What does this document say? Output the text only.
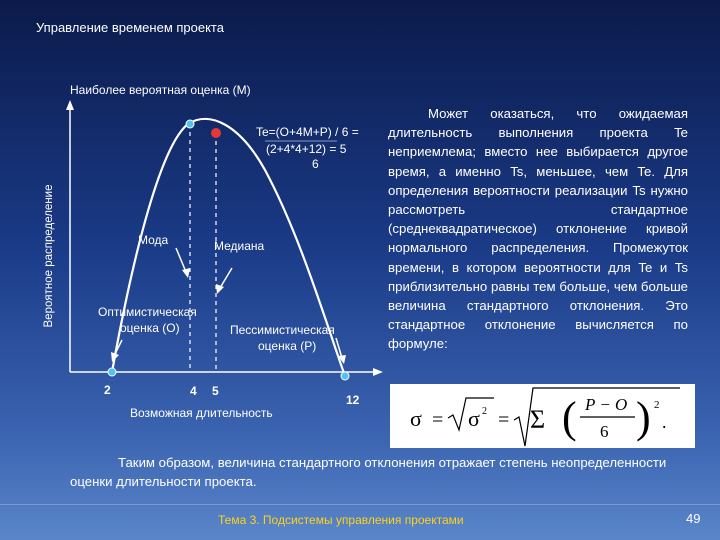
Управление временем проекта
Наиболее вероятная оценка (М)
Вероятное распределение
Возможная длительность
Te=(O+4M+P) / 6 =
(2+4*4+12) = 5
6
Мода	Медиана
Оптимистическая
оценка (О)	Пессимистическая
оценка (Р)
2	4 5
12
Может оказаться, что ожидаемая длительность выполнения проекта Te неприемлема; вместо нее выбирается другое время, а именно Ts, меньшее, чем Te. Для определения вероятности реализации Ts нужно рассмотреть стандартное (среднеквадратическое) отклонение кривой нормального распределения. Промежуток времени, в котором вероятности для Te и Ts приблизительно равны тем больше, чем больше величина стандартного отклонения. Это стандартное отклонение вычисляется по формуле:
σ = σ 2 = Σ ( P − O
6 ) 2
.
Таким образом, величина стандартного отклонения отражает степень неопределенности оценки длительности проекта.
Тема 3. Подсистемы управления проектами	49
